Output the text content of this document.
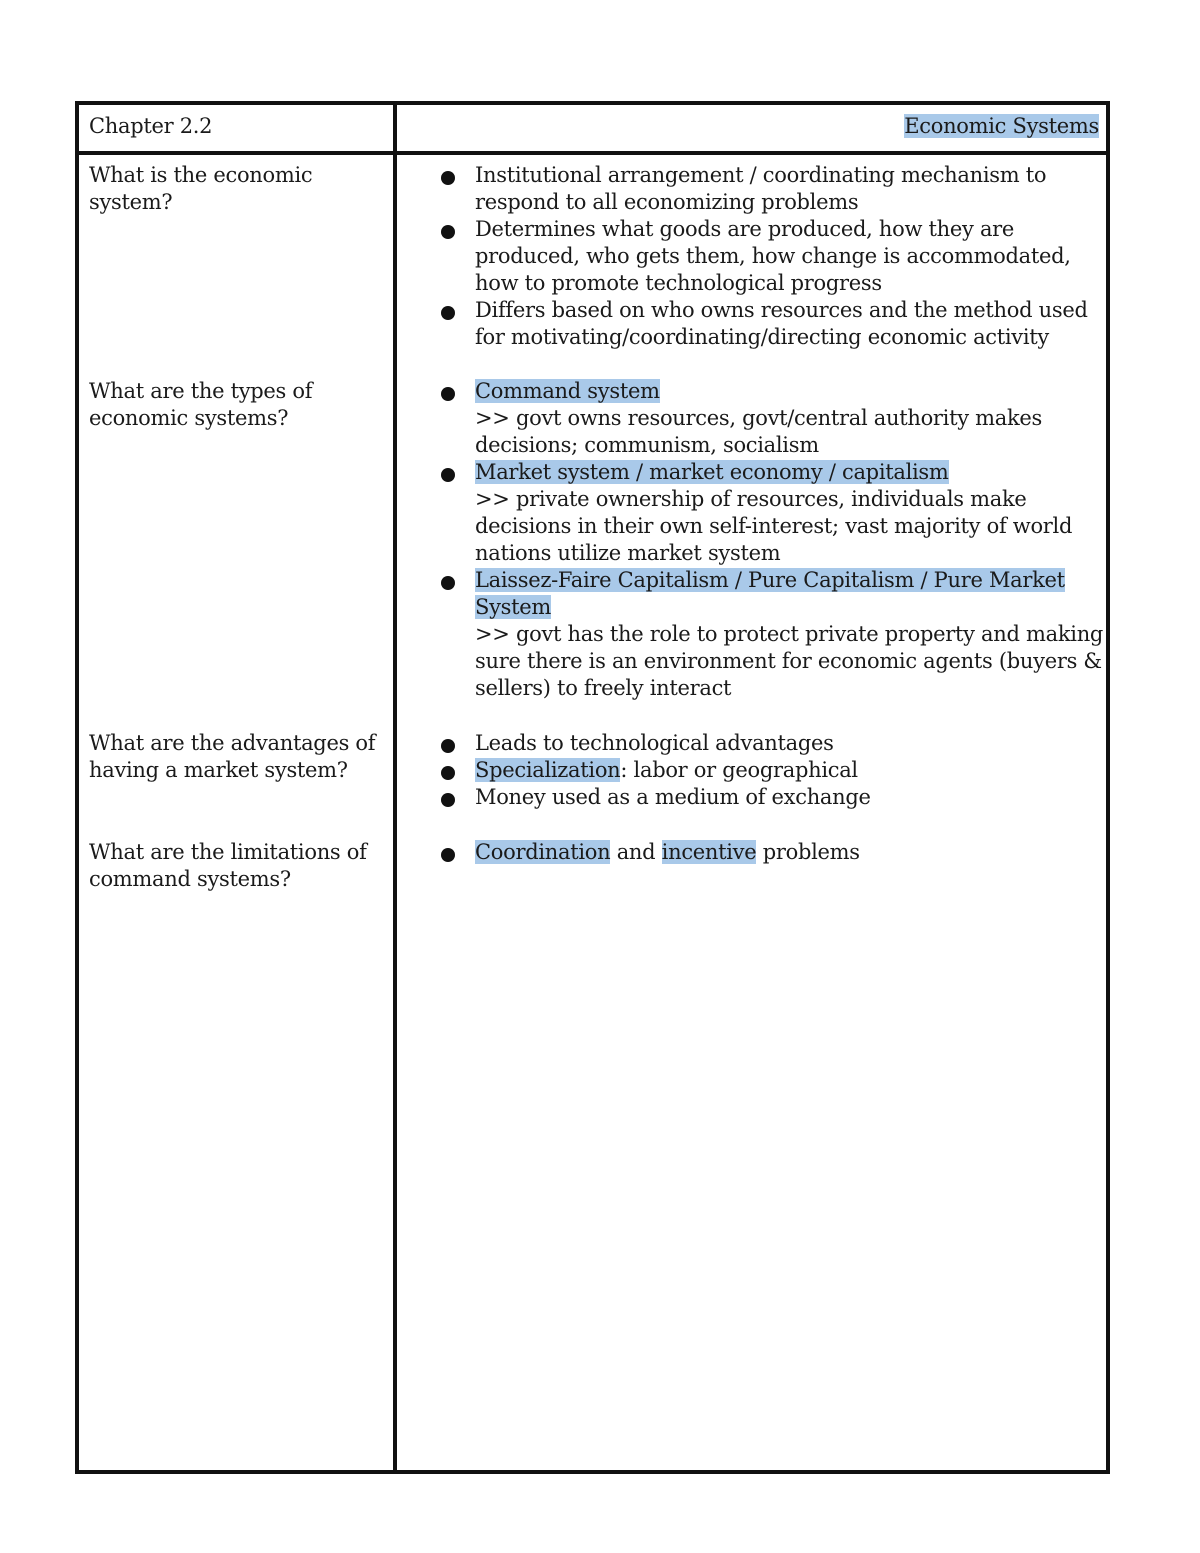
Chapter 2.2	Economic Systems
What is the economic system?
Institutional arrangement / coordinating mechanism to respond to all economizing problems
Determines what goods are produced, how they are produced, who gets them, how change is accommodated, how to promote technological progress
Differs based on who owns resources and the method used for motivating/coordinating/directing economic activity
What are the types of economic systems?
Command system
>> govt owns resources, govt/central authority makes decisions; communism, socialism
Market system / market economy / capitalism
>> private ownership of resources, individuals make decisions in their own self-interest; vast majority of world nations utilize market system
Laissez-Faire Capitalism / Pure Capitalism / Pure Market System
>> govt has the role to protect private property and making sure there is an environment for economic agents (buyers & sellers) to freely interact
What are the advantages of having a market system?
Leads to technological advantages
Specialization: labor or geographical
Money used as a medium of exchange
What are the limitations of command systems?
Coordination and incentive problems
